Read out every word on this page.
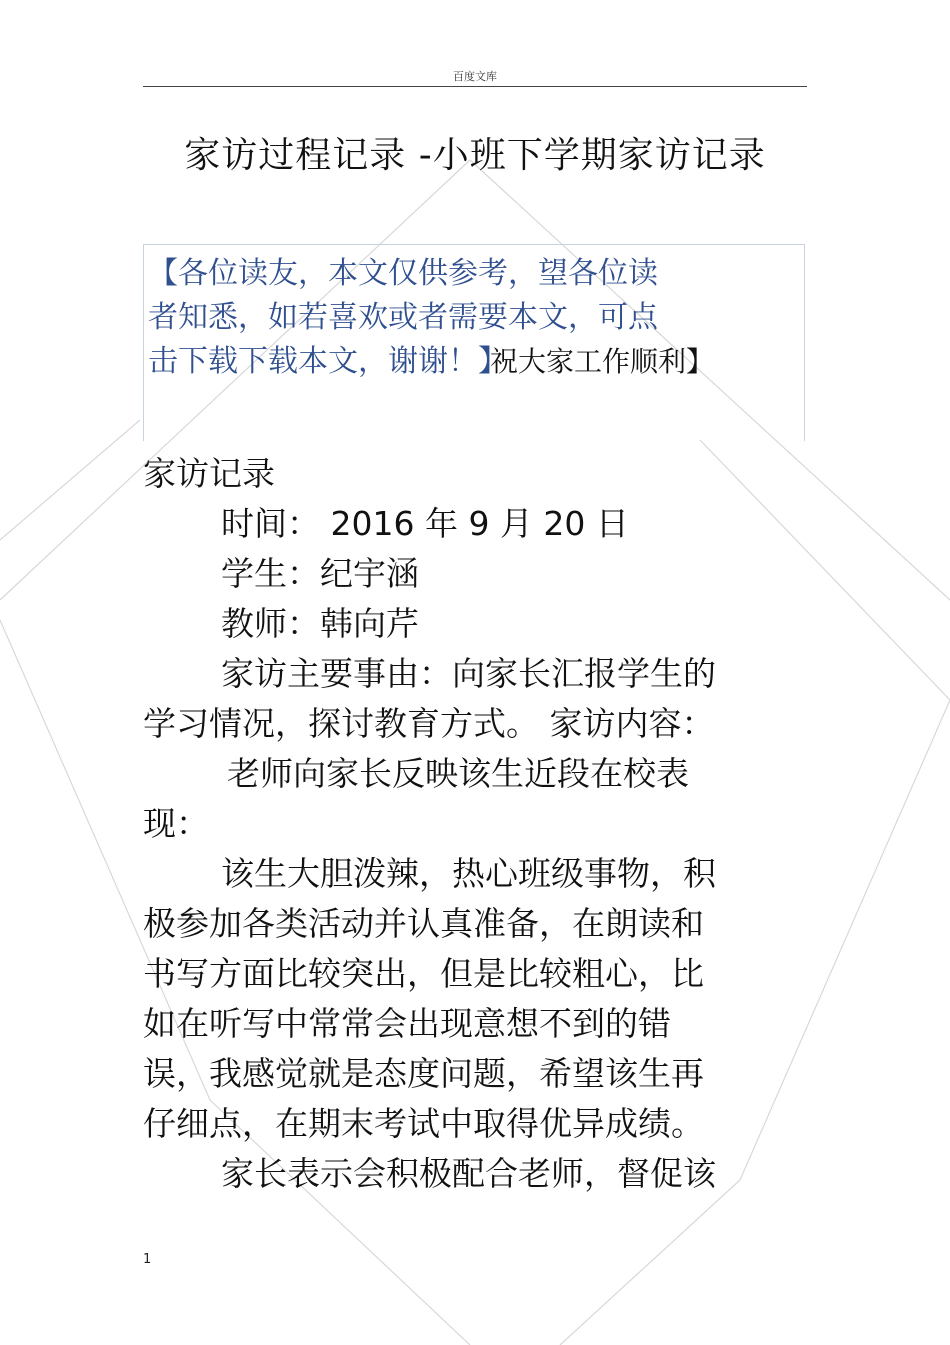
百度文库
家访过程记录 -小班下学期家访记录
【各位读友，本文仅供参考，望各位读
者知悉，如若喜欢或者需要本文，可点
击下载下载本文，谢谢！】
祝大家工作顺利】
家访记录
时间： 2016 年 9 月 20 日
学生：纪宇涵
教师：韩向芹
家访主要事由：向家长汇报学生的
学习情况，探讨教育方式。 家访内容：
老师向家长反映该生近段在校表
现：
该生大胆泼辣，热心班级事物，积
极参加各类活动并认真准备，在朗读和
书写方面比较突出，但是比较粗心，比
如在听写中常常会出现意想不到的错
误，我感觉就是态度问题，希望该生再
仔细点，在期末考试中取得优异成绩。
家长表示会积极配合老师，督促该
1
